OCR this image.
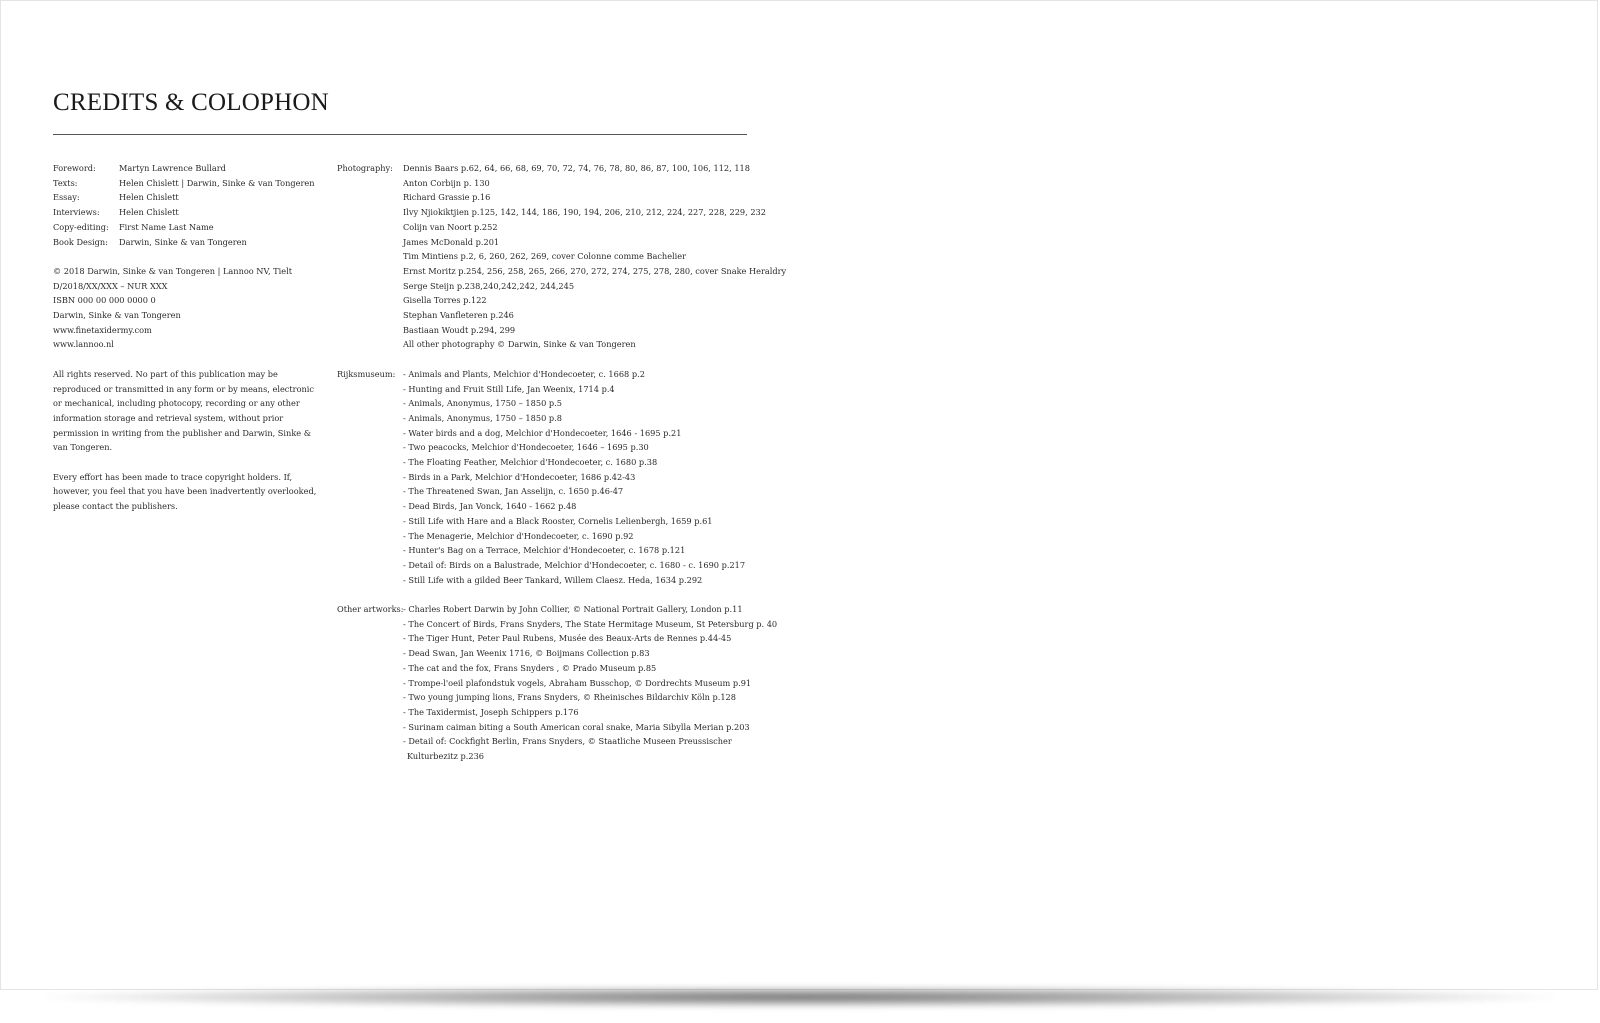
CREDITS & COLOPHON
Foreword:	Martyn Lawrence Bullard
Texts:	Helen Chislett | Darwin, Sinke & van Tongeren
Essay:	Helen Chislett
Interviews:	Helen Chislett
Copy-editing:	First Name Last Name
Book Design:	Darwin, Sinke & van Tongeren
© 2018 Darwin, Sinke & van Tongeren | Lannoo NV, Tielt
D/2018/XX/XXX – NUR XXX
ISBN 000 00 000 0000 0
Darwin, Sinke & van Tongeren
www.finetaxidermy.com
www.lannoo.nl
All rights reserved. No part of this publication may be reproduced or transmitted in any form or by means, electronic or mechanical, including photocopy, recording or any other information storage and retrieval system, without prior permission in writing from the publisher and Darwin, Sinke & van Tongeren.
Every effort has been made to trace copyright holders. If, however, you feel that you have been inadvertently overlooked, please contact the publishers.
Photography:	Dennis Baars p.62, 64, 66, 68, 69, 70, 72, 74, 76, 78, 80, 86, 87, 100, 106, 112, 118
Anton Corbijn p. 130
Richard Grassie p.16
Ilvy Njiokiktjien p.125, 142, 144, 186, 190, 194, 206, 210, 212, 224, 227, 228, 229, 232
Colijn van Noort p.252
James McDonald p.201
Tim Mintiens p.2, 6, 260, 262, 269, cover Colonne comme Bachelier
Ernst Moritz p.254, 256, 258, 265, 266, 270, 272, 274, 275, 278, 280, cover Snake Heraldry
Serge Steijn p.238,240,242,242, 244,245
Gisella Torres p.122
Stephan Vanfleteren p.246
Bastiaan Woudt p.294, 299
All other photography © Darwin, Sinke & van Tongeren
Rijksmuseum: - Animals and Plants, Melchior d'Hondecoeter, c. 1668 p.2
- Hunting and Fruit Still Life, Jan Weenix, 1714 p.4
- Animals, Anonymus, 1750 – 1850 p.5
- Animals, Anonymus, 1750 – 1850 p.8
- Water birds and a dog, Melchior d'Hondecoeter, 1646 - 1695 p.21
- Two peacocks, Melchior d'Hondecoeter, 1646 – 1695 p.30
- The Floating Feather, Melchior d'Hondecoeter, c. 1680 p.38
- Birds in a Park, Melchior d'Hondecoeter, 1686 p.42-43
- The Threatened Swan, Jan Asselijn, c. 1650 p.46-47
- Dead Birds, Jan Vonck, 1640 - 1662 p.48
- Still Life with Hare and a Black Rooster, Cornelis Lelienbergh, 1659 p.61
- The Menagerie, Melchior d'Hondecoeter, c. 1690 p.92
- Hunter's Bag on a Terrace, Melchior d'Hondecoeter, c. 1678 p.121
- Detail of: Birds on a Balustrade, Melchior d'Hondecoeter, c. 1680 - c. 1690 p.217
- Still Life with a gilded Beer Tankard, Willem Claesz. Heda, 1634 p.292
Other artworks: - Charles Robert Darwin by John Collier, © National Portrait Gallery, London p.11
- The Concert of Birds, Frans Snyders, The State Hermitage Museum, St Petersburg p. 40
- The Tiger Hunt, Peter Paul Rubens, Musée des Beaux-Arts de Rennes p.44-45
- Dead Swan, Jan Weenix 1716, © Boijmans Collection p.83
- The cat and the fox, Frans Snyders , © Prado Museum p.85
- Trompe-l'oeil plafondstuk vogels, Abraham Busschop, © Dordrechts Museum p.91
- Two young jumping lions, Frans Snyders, © Rheinisches Bildarchiv Köln p.128
- The Taxidermist, Joseph Schippers p.176
- Surinam caiman biting a South American coral snake, Maria Sibylla Merian p.203
- Detail of: Cockfight Berlin, Frans Snyders, © Staatliche Museen Preussischer
Kulturbezitz p.236
